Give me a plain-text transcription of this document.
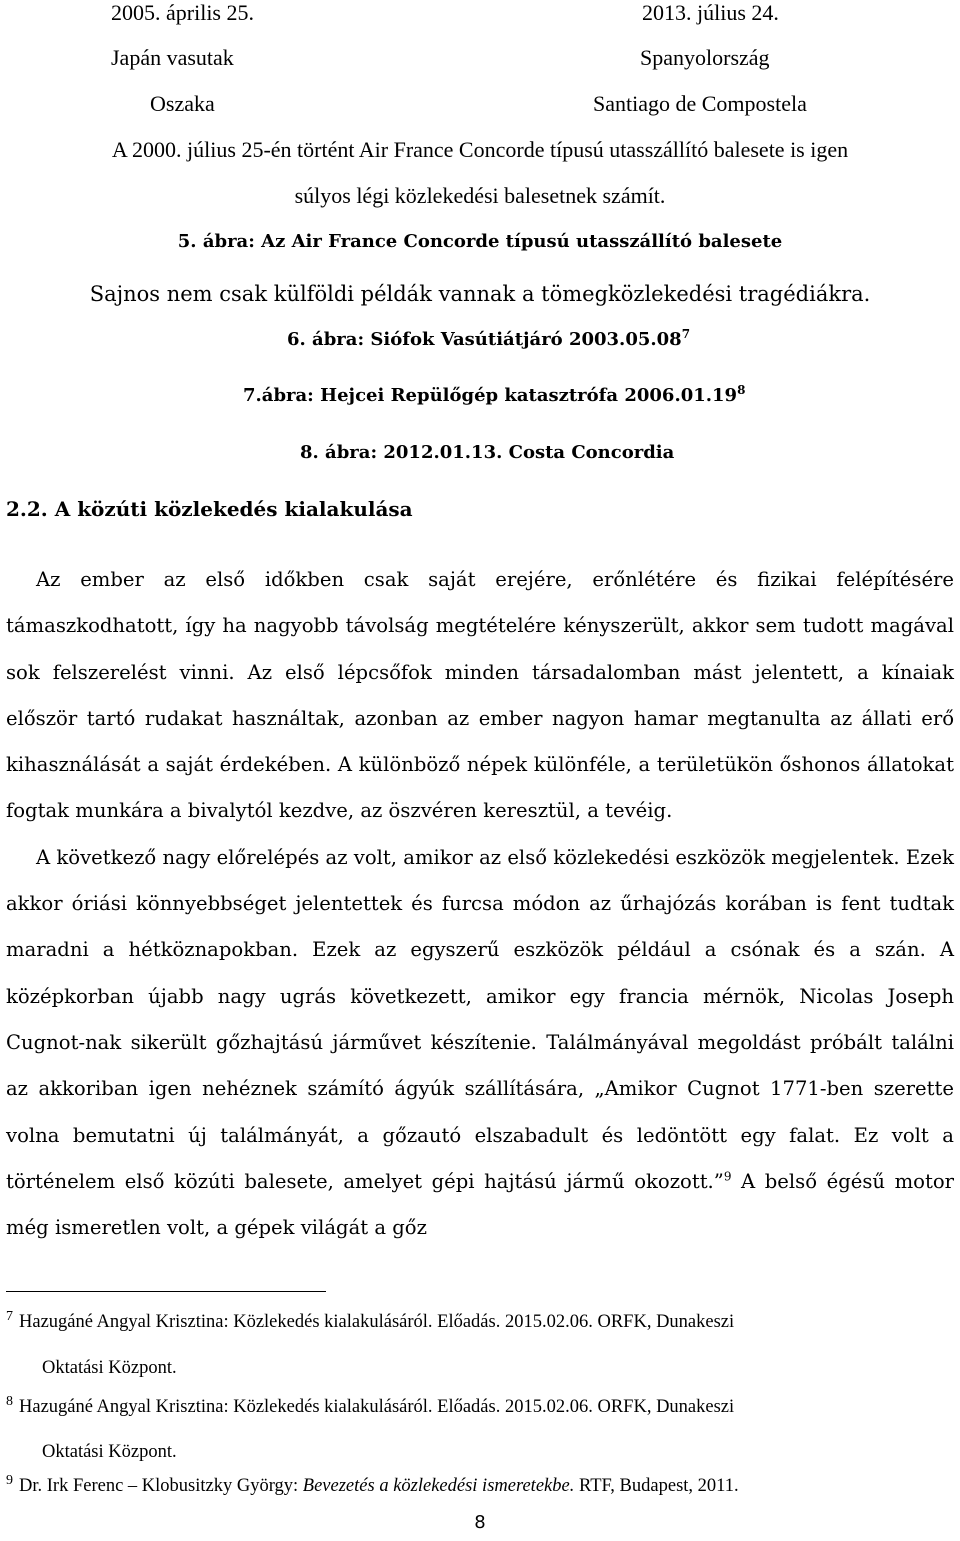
2005. április 25.	2013. július 24.
Japán vasutak	Spanyolország
Oszaka	Santiago de Compostela
A 2000. július 25-én történt Air France Concorde típusú utasszállító balesete is igen
súlyos légi közlekedési balesetnek számít.
5. ábra: Az Air France Concorde típusú utasszállító balesete
Sajnos nem csak külföldi példák vannak a tömegközlekedési tragédiákra.
6. ábra: Siófok Vasútiátjáró 2003.05.08$^7$
7.ábra: Hejcei Repülőgép katasztrófa 2006.01.19$^8$
8. ábra: 2012.01.13. Costa Concordia
2.2. A közúti közlekedés kialakulása

Az ember az első időkben csak saját erejére, erőnlétére és fizikai felépítésére támaszkodhatott, így ha nagyobb távolság megtételére kényszerült, akkor sem tudott magával sok felszerelést vinni. Az első lépcsőfok minden társadalomban mást jelentett, a kínaiak először tartó rudakat használtak, azonban az ember nagyon hamar megtanulta az állati erő kihasználását a saját érdekében. A különböző népek különféle, a területükön őshonos állatokat fogtak munkára a bivalytól kezdve, az öszvéren keresztül, a tevéig.

A következő nagy előrelépés az volt, amikor az első közlekedési eszközök megjelentek. Ezek akkor óriási könnyebbséget jelentettek és furcsa módon az űrhajózás korában is fent tudtak maradni a hétköznapokban. Ezek az egyszerű eszközök például a csónak és a szán. A középkorban újabb nagy ugrás következett, amikor egy francia mérnök, Nicolas Joseph Cugnot-nak sikerült gőzhajtású járművet készítenie. Találmányával megoldást próbált találni az akkoriban igen nehéznek számító ágyúk szállítására, „Amikor Cugnot 1771-ben szerette volna bemutatni új találmányát, a gőzautó elszabadult és ledöntött egy falat. Ez volt a történelem első közúti balesete, amelyet gépi hajtású jármű okozott.”$^9$ A belső égésű motor még ismeretlen volt, a gépek világát a gőz

$^7$ Hazugáné Angyal Krisztina: Közlekedés kialakulásáról. Előadás. 2015.02.06. ORFK, Dunakeszi
Oktatási Központ.
$^8$ Hazugáné Angyal Krisztina: Közlekedés kialakulásáról. Előadás. 2015.02.06. ORFK, Dunakeszi
Oktatási Központ.
$^9$ Dr. Irk Ferenc – Klobusitzky György: Bevezetés a közlekedési ismeretekbe. RTF, Budapest, 2011.
8
